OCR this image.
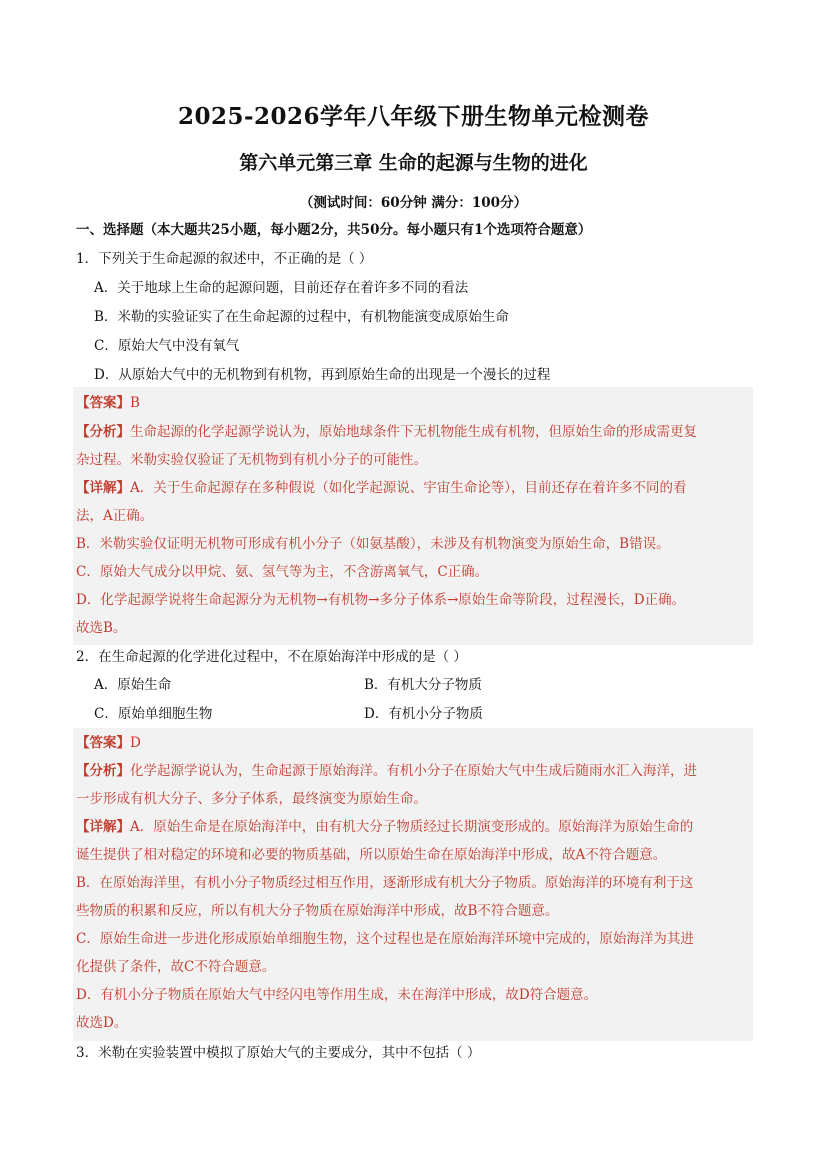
2025-2026学年八年级下册生物单元检测卷
第六单元第三章 生命的起源与生物的进化
（测试时间：60分钟 满分：100分）
一、选择题（本大题共25小题，每小题2分，共50分。每小题只有1个选项符合题意）
1．下列关于生命起源的叙述中，不正确的是（ ）
A．关于地球上生命的起源问题，目前还存在着许多不同的看法
B．米勒的实验证实了在生命起源的过程中，有机物能演变成原始生命
C．原始大气中没有氧气
D．从原始大气中的无机物到有机物，再到原始生命的出现是一个漫长的过程
【答案】B
【分析】生命起源的化学起源学说认为，原始地球条件下无机物能生成有机物，但原始生命的形成需更复
杂过程。米勒实验仅验证了无机物到有机小分子的可能性。
【详解】A．关于生命起源存在多种假说（如化学起源说、宇宙生命论等），目前还存在着许多不同的看
法，A正确。
B．米勒实验仅证明无机物可形成有机小分子（如氨基酸），未涉及有机物演变为原始生命，B错误。
C．原始大气成分以甲烷、氨、氢气等为主，不含游离氧气，C正确。
D．化学起源学说将生命起源分为无机物→有机物→多分子体系→原始生命等阶段，过程漫长，D正确。
故选B。
2．在生命起源的化学进化过程中，不在原始海洋中形成的是（ ）
A．原始生命	B．有机大分子物质
C．原始单细胞生物	D．有机小分子物质
【答案】D
【分析】化学起源学说认为，生命起源于原始海洋。有机小分子在原始大气中生成后随雨水汇入海洋，进
一步形成有机大分子、多分子体系，最终演变为原始生命。
【详解】A．原始生命是在原始海洋中，由有机大分子物质经过长期演变形成的。原始海洋为原始生命的
诞生提供了相对稳定的环境和必要的物质基础，所以原始生命在原始海洋中形成，故A不符合题意。
B．在原始海洋里，有机小分子物质经过相互作用，逐渐形成有机大分子物质。原始海洋的环境有利于这
些物质的积累和反应，所以有机大分子物质在原始海洋中形成，故B不符合题意。
C．原始生命进一步进化形成原始单细胞生物，这个过程也是在原始海洋环境中完成的，原始海洋为其进
化提供了条件，故C不符合题意。
D．有机小分子物质在原始大气中经闪电等作用生成，未在海洋中形成，故D符合题意。
故选D。
3．米勒在实验装置中模拟了原始大气的主要成分，其中不包括（ ）
